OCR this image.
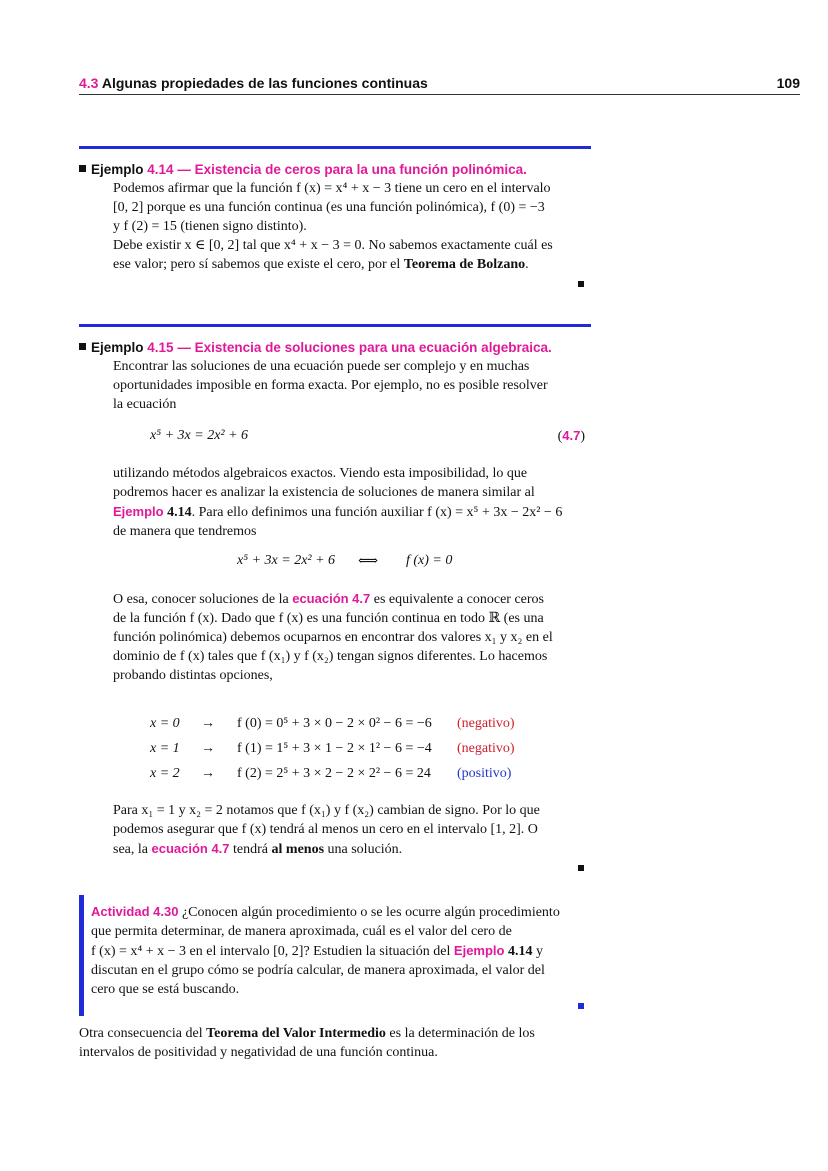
4.3 Algunas propiedades de las funciones continuas	109
Ejemplo 4.14 — Existencia de ceros para la una función polinómica.

Podemos afirmar que la función f (x) = x⁴ + x − 3 tiene un cero en el intervalo

[0, 2] porque es una función continua (es una función polinómica), f (0) = −3

y f (2) = 15 (tienen signo distinto).

Debe existir x ∈ [0, 2] tal que x⁴ + x − 3 = 0. No sabemos exactamente cuál es

ese valor; pero sí sabemos que existe el cero, por el Teorema de Bolzano.

Ejemplo 4.15 — Existencia de soluciones para una ecuación algebraica.

Encontrar las soluciones de una ecuación puede ser complejo y en muchas

oportunidades imposible en forma exacta. Por ejemplo, no es posible resolver

la ecuación

x⁵ + 3x = 2x² + 6	(4.7)

utilizando métodos algebraicos exactos. Viendo esta imposibilidad, lo que

podremos hacer es analizar la existencia de soluciones de manera similar al

Ejemplo 4.14. Para ello definimos una función auxiliar f (x) = x⁵ + 3x − 2x² − 6

de manera que tendremos

x⁵ + 3x = 2x² + 6 ⟺ f (x) = 0

O esa, conocer soluciones de la ecuación 4.7 es equivalente a conocer ceros

de la función f (x). Dado que f (x) es una función continua en todo ℝ (es una

función polinómica) debemos ocuparnos en encontrar dos valores x₁ y x₂ en el

dominio de f (x) tales que f (x₁) y f (x₂) tengan signos diferentes. Lo hacemos

probando distintas opciones,

x = 0 → f (0) = 0⁵ + 3 × 0 − 2 × 0² − 6 = −6 (negativo)
x = 1 → f (1) = 1⁵ + 3 × 1 − 2 × 1² − 6 = −4 (negativo)
x = 2 → f (2) = 2⁵ + 3 × 2 − 2 × 2² − 6 = 24 (positivo)

Para x₁ = 1 y x₂ = 2 notamos que f (x₁) y f (x₂) cambian de signo. Por lo que

podemos asegurar que f (x) tendrá al menos un cero en el intervalo [1, 2]. O

sea, la ecuación 4.7 tendrá al menos una solución.

Actividad 4.30 ¿Conocen algún procedimiento o se les ocurre algún procedimiento

que permita determinar, de manera aproximada, cuál es el valor del cero de

f (x) = x⁴ + x − 3 en el intervalo [0, 2]? Estudien la situación del Ejemplo 4.14 y

discutan en el grupo cómo se podría calcular, de manera aproximada, el valor del

cero que se está buscando.

Otra consecuencia del Teorema del Valor Intermedio es la determinación de los

intervalos de positividad y negatividad de una función continua.
